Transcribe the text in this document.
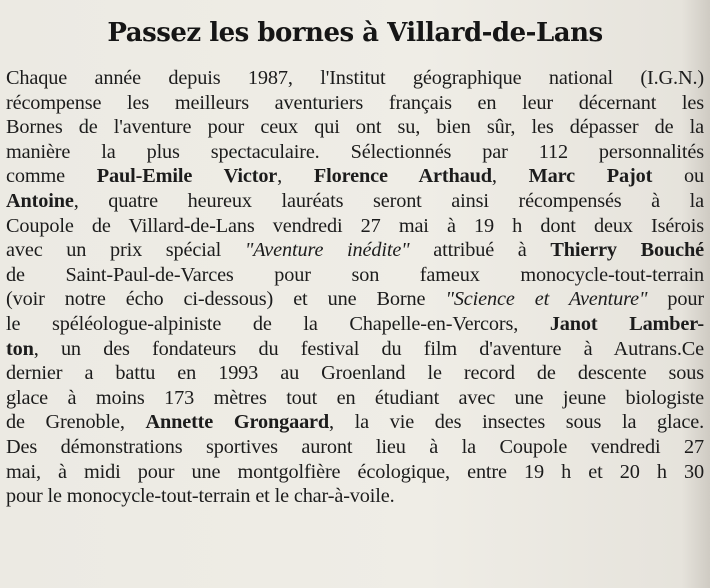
Passez les bornes à Villard-de-Lans
Chaque année depuis 1987, l'Institut géographique national (I.G.N.)
récompense les meilleurs aventuriers français en leur décernant les
Bornes de l'aventure pour ceux qui ont su, bien sûr, les dépasser de la
manière la plus spectaculaire. Sélectionnés par 112 personnalités
comme Paul-Emile Victor, Florence Arthaud, Marc Pajot ou
Antoine, quatre heureux lauréats seront ainsi récompensés à la
Coupole de Villard-de-Lans vendredi 27 mai à 19 h dont deux Isérois
avec un prix spécial "Aventure inédite" attribué à Thierry Bouché
de Saint-Paul-de-Varces pour son fameux monocycle-tout-terrain
(voir notre écho ci-dessous) et une Borne "Science et Aventure" pour
le spéléologue-alpiniste de la Chapelle-en-Vercors, Janot Lamber-
ton, un des fondateurs du festival du film d'aventure à Autrans.Ce
dernier a battu en 1993 au Groenland le record de descente sous
glace à moins 173 mètres tout en étudiant avec une jeune biologiste
de Grenoble, Annette Grongaard, la vie des insectes sous la glace.
Des démonstrations sportives auront lieu à la Coupole vendredi 27
mai, à midi pour une montgolfière écologique, entre 19 h et 20 h 30
pour le monocycle-tout-terrain et le char-à-voile.
